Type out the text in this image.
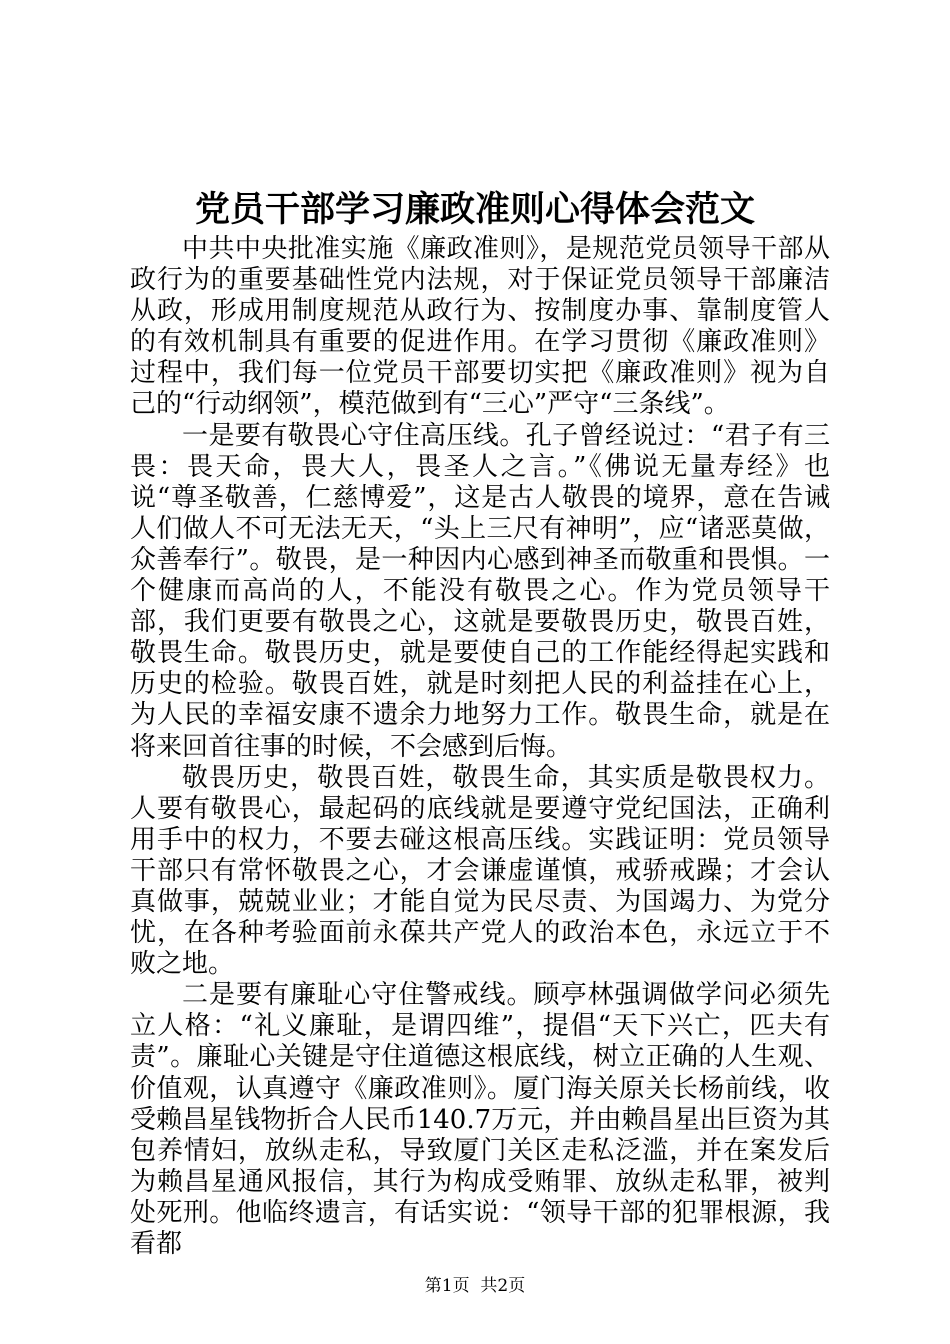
党员干部学习廉政准则心得体会范文

中共中央批准实施《廉政准则》，是规范党员领导干部从政行为的重要基础性党内法规，对于保证党员领导干部廉洁从政，形成用制度规范从政行为、按制度办事、靠制度管人的有效机制具有重要的促进作用。在学习贯彻《廉政准则》过程中，我们每一位党员干部要切实把《廉政准则》视为自己的“行动纲领”，模范做到有“三心”严守“三条线”。

一是要有敬畏心守住高压线。孔子曾经说过：“君子有三畏：畏天命，畏大人，畏圣人之言。”《佛说无量寿经》也说“尊圣敬善，仁慈博爱”，这是古人敬畏的境界，意在告诫人们做人不可无法无天，“头上三尺有神明”，应“诸恶莫做，众善奉行”。敬畏，是一种因内心感到神圣而敬重和畏惧。一个健康而高尚的人，不能没有敬畏之心。作为党员领导干部，我们更要有敬畏之心，这就是要敬畏历史，敬畏百姓，敬畏生命。敬畏历史，就是要使自己的工作能经得起实践和历史的检验。敬畏百姓，就是时刻把人民的利益挂在心上，为人民的幸福安康不遗余力地努力工作。敬畏生命，就是在将来回首往事的时候，不会感到后悔。

敬畏历史，敬畏百姓，敬畏生命，其实质是敬畏权力。人要有敬畏心，最起码的底线就是要遵守党纪国法，正确利用手中的权力，不要去碰这根高压线。实践证明：党员领导干部只有常怀敬畏之心，才会谦虚谨慎，戒骄戒躁；才会认真做事，兢兢业业；才能自觉为民尽责、为国竭力、为党分忧，在各种考验面前永葆共产党人的政治本色，永远立于不败之地。

二是要有廉耻心守住警戒线。顾亭林强调做学问必须先立人格：“礼义廉耻，是谓四维”，提倡“天下兴亡，匹夫有责”。廉耻心关键是守住道德这根底线，树立正确的人生观、价值观，认真遵守《廉政准则》。厦门海关原关长杨前线，收受赖昌星钱物折合人民币140.7万元，并由赖昌星出巨资为其包养情妇，放纵走私，导致厦门关区走私泛滥，并在案发后为赖昌星通风报信，其行为构成受贿罪、放纵走私罪，被判处死刑。他临终遗言，有话实说：“领导干部的犯罪根源，我看都

第1页  共2页
